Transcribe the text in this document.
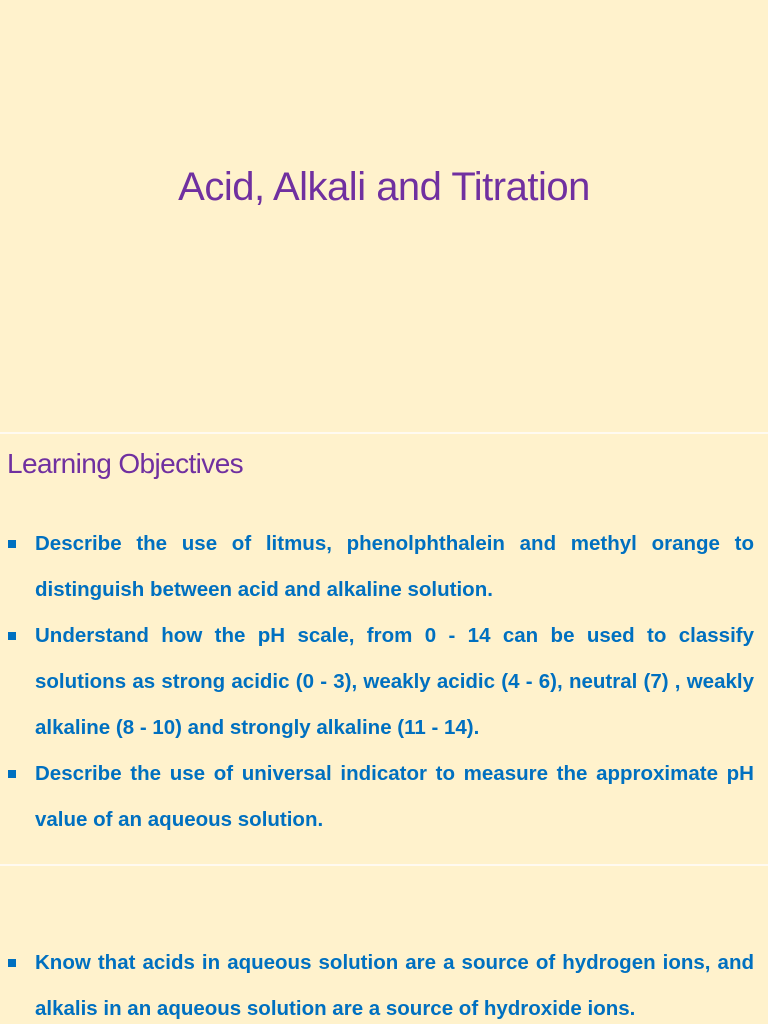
Acid, Alkali and Titration
Learning Objectives
Describe the use of litmus, phenolphthalein and methyl orange to distinguish between acid and alkaline solution.
Understand how the pH scale, from 0 - 14 can be used to classify solutions as strong acidic (0 - 3), weakly acidic (4 - 6), neutral (7) , weakly alkaline (8 - 10) and strongly alkaline (11 - 14).
Describe the use of universal indicator to measure the approximate pH value of an aqueous solution.
Know that acids in aqueous solution are a source of hydrogen ions, and alkalis in an aqueous solution are a source of hydroxide ions.
